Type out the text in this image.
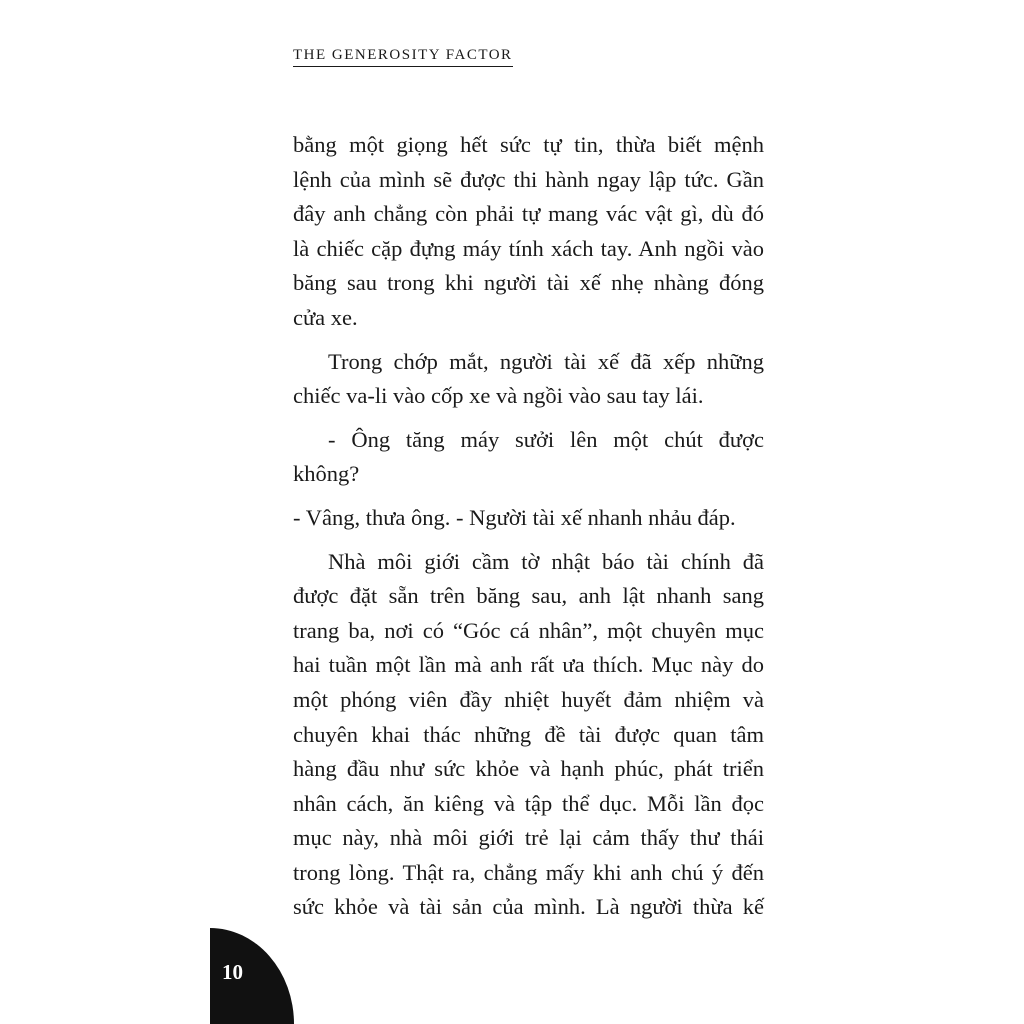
THE GENEROSITY FACTOR
bằng một giọng hết sức tự tin, thừa biết mệnh
lệnh của mình sẽ được thi hành ngay lập tức. Gần
đây anh chẳng còn phải tự mang vác vật gì, dù đó
là chiếc cặp đựng máy tính xách tay. Anh ngồi vào
băng sau trong khi người tài xế nhẹ nhàng đóng
cửa xe.
Trong chớp mắt, người tài xế đã xếp những
chiếc va-li vào cốp xe và ngồi vào sau tay lái.
- Ông tăng máy sưởi lên một chút được
không?
- Vâng, thưa ông. - Người tài xế nhanh nhảu đáp.
Nhà môi giới cầm tờ nhật báo tài chính đã
được đặt sẵn trên băng sau, anh lật nhanh sang
trang ba, nơi có “Góc cá nhân”, một chuyên mục
hai tuần một lần mà anh rất ưa thích. Mục này do
một phóng viên đầy nhiệt huyết đảm nhiệm và
chuyên khai thác những đề tài được quan tâm
hàng đầu như sức khỏe và hạnh phúc, phát triển
nhân cách, ăn kiêng và tập thể dục. Mỗi lần đọc
mục này, nhà môi giới trẻ lại cảm thấy thư thái
trong lòng. Thật ra, chẳng mấy khi anh chú ý đến
sức khỏe và tài sản của mình. Là người thừa kế
10
